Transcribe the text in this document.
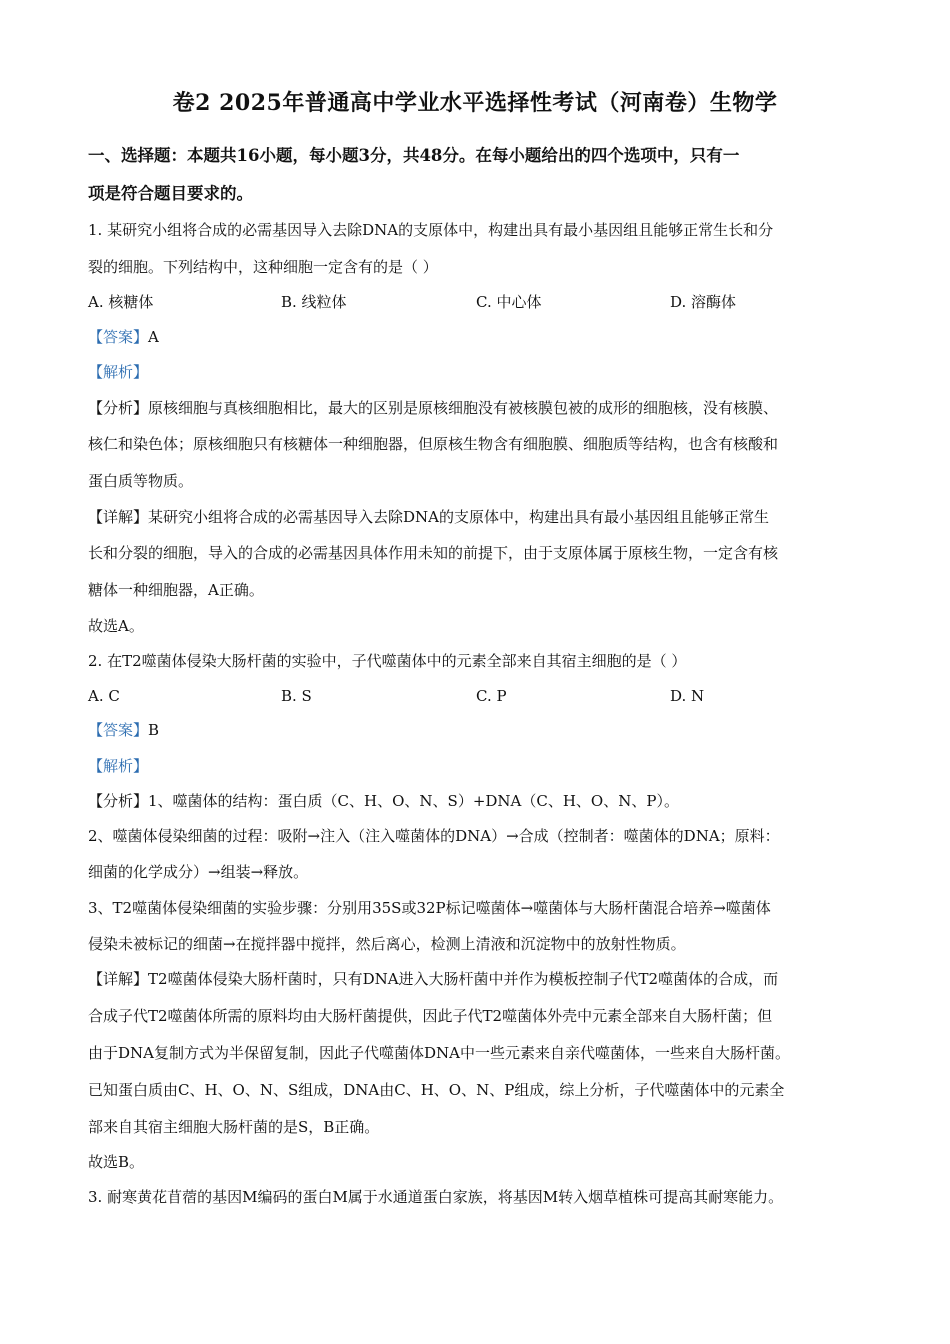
卷2 2025年普通高中学业水平选择性考试（河南卷）生物学
一、选择题：本题共16小题，每小题3分，共48分。在每小题给出的四个选项中，只有一
项是符合题目要求的。
1. 某研究小组将合成的必需基因导入去除DNA的支原体中，构建出具有最小基因组且能够正常生长和分
裂的细胞。下列结构中，这种细胞一定含有的是（ ）
A. 核糖体	B. 线粒体	C. 中心体	D. 溶酶体
【答案】A
【解析】
【分析】原核细胞与真核细胞相比，最大的区别是原核细胞没有被核膜包被的成形的细胞核，没有核膜、
核仁和染色体；原核细胞只有核糖体一种细胞器，但原核生物含有细胞膜、细胞质等结构，也含有核酸和
蛋白质等物质。
【详解】某研究小组将合成的必需基因导入去除DNA的支原体中，构建出具有最小基因组且能够正常生
长和分裂的细胞，导入的合成的必需基因具体作用未知的前提下，由于支原体属于原核生物，一定含有核
糖体一种细胞器，A正确。
故选A。
2. 在T2噬菌体侵染大肠杆菌的实验中，子代噬菌体中的元素全部来自其宿主细胞的是（ ）
A. C	B. S	C. P	D. N
【答案】B
【解析】
【分析】1、噬菌体的结构：蛋白质（C、H、O、N、S）+DNA（C、H、O、N、P）。
2、噬菌体侵染细菌的过程：吸附→注入（注入噬菌体的DNA）→合成（控制者：噬菌体的DNA；原料：
细菌的化学成分）→组装→释放。
3、T2噬菌体侵染细菌的实验步骤：分别用35S或32P标记噬菌体→噬菌体与大肠杆菌混合培养→噬菌体
侵染未被标记的细菌→在搅拌器中搅拌，然后离心，检测上清液和沉淀物中的放射性物质。
【详解】T2噬菌体侵染大肠杆菌时，只有DNA进入大肠杆菌中并作为模板控制子代T2噬菌体的合成，而
合成子代T2噬菌体所需的原料均由大肠杆菌提供，因此子代T2噬菌体外壳中元素全部来自大肠杆菌；但
由于DNA复制方式为半保留复制，因此子代噬菌体DNA中一些元素来自亲代噬菌体，一些来自大肠杆菌。
已知蛋白质由C、H、O、N、S组成，DNA由C、H、O、N、P组成，综上分析，子代噬菌体中的元素全
部来自其宿主细胞大肠杆菌的是S，B正确。
故选B。
3. 耐寒黄花苜蓿的基因M编码的蛋白M属于水通道蛋白家族，将基因M转入烟草植株可提高其耐寒能力。
